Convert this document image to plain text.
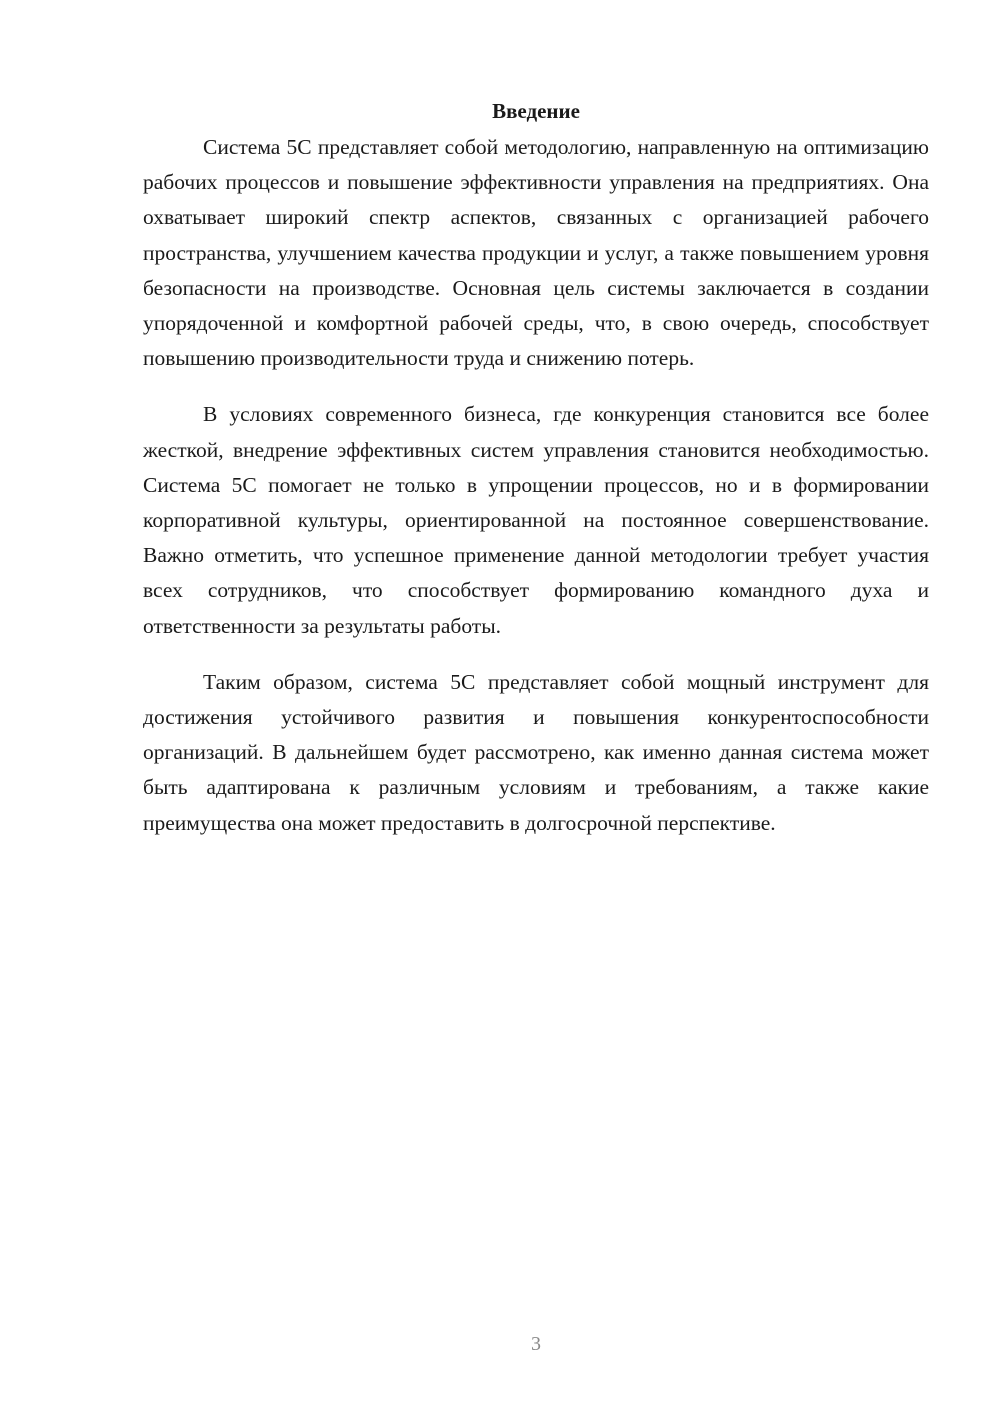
Введение

Система 5С представляет собой методологию, направленную на оптимизацию рабочих процессов и повышение эффективности управления на предприятиях. Она охватывает широкий спектр аспектов, связанных с организацией рабочего пространства, улучшением качества продукции и услуг, а также повышением уровня безопасности на производстве. Основная цель системы заключается в создании упорядоченной и комфортной рабочей среды, что, в свою очередь, способствует повышению производительности труда и снижению потерь.

В условиях современного бизнеса, где конкуренция становится все более жесткой, внедрение эффективных систем управления становится необходимостью. Система 5С помогает не только в упрощении процессов, но и в формировании корпоративной культуры, ориентированной на постоянное совершенствование. Важно отметить, что успешное применение данной методологии требует участия всех сотрудников, что способствует формированию командного духа и ответственности за результаты работы.

Таким образом, система 5С представляет собой мощный инструмент для достижения устойчивого развития и повышения конкурентоспособности организаций. В дальнейшем будет рассмотрено, как именно данная система может быть адаптирована к различным условиям и требованиям, а также какие преимущества она может предоставить в долгосрочной перспективе.

3
